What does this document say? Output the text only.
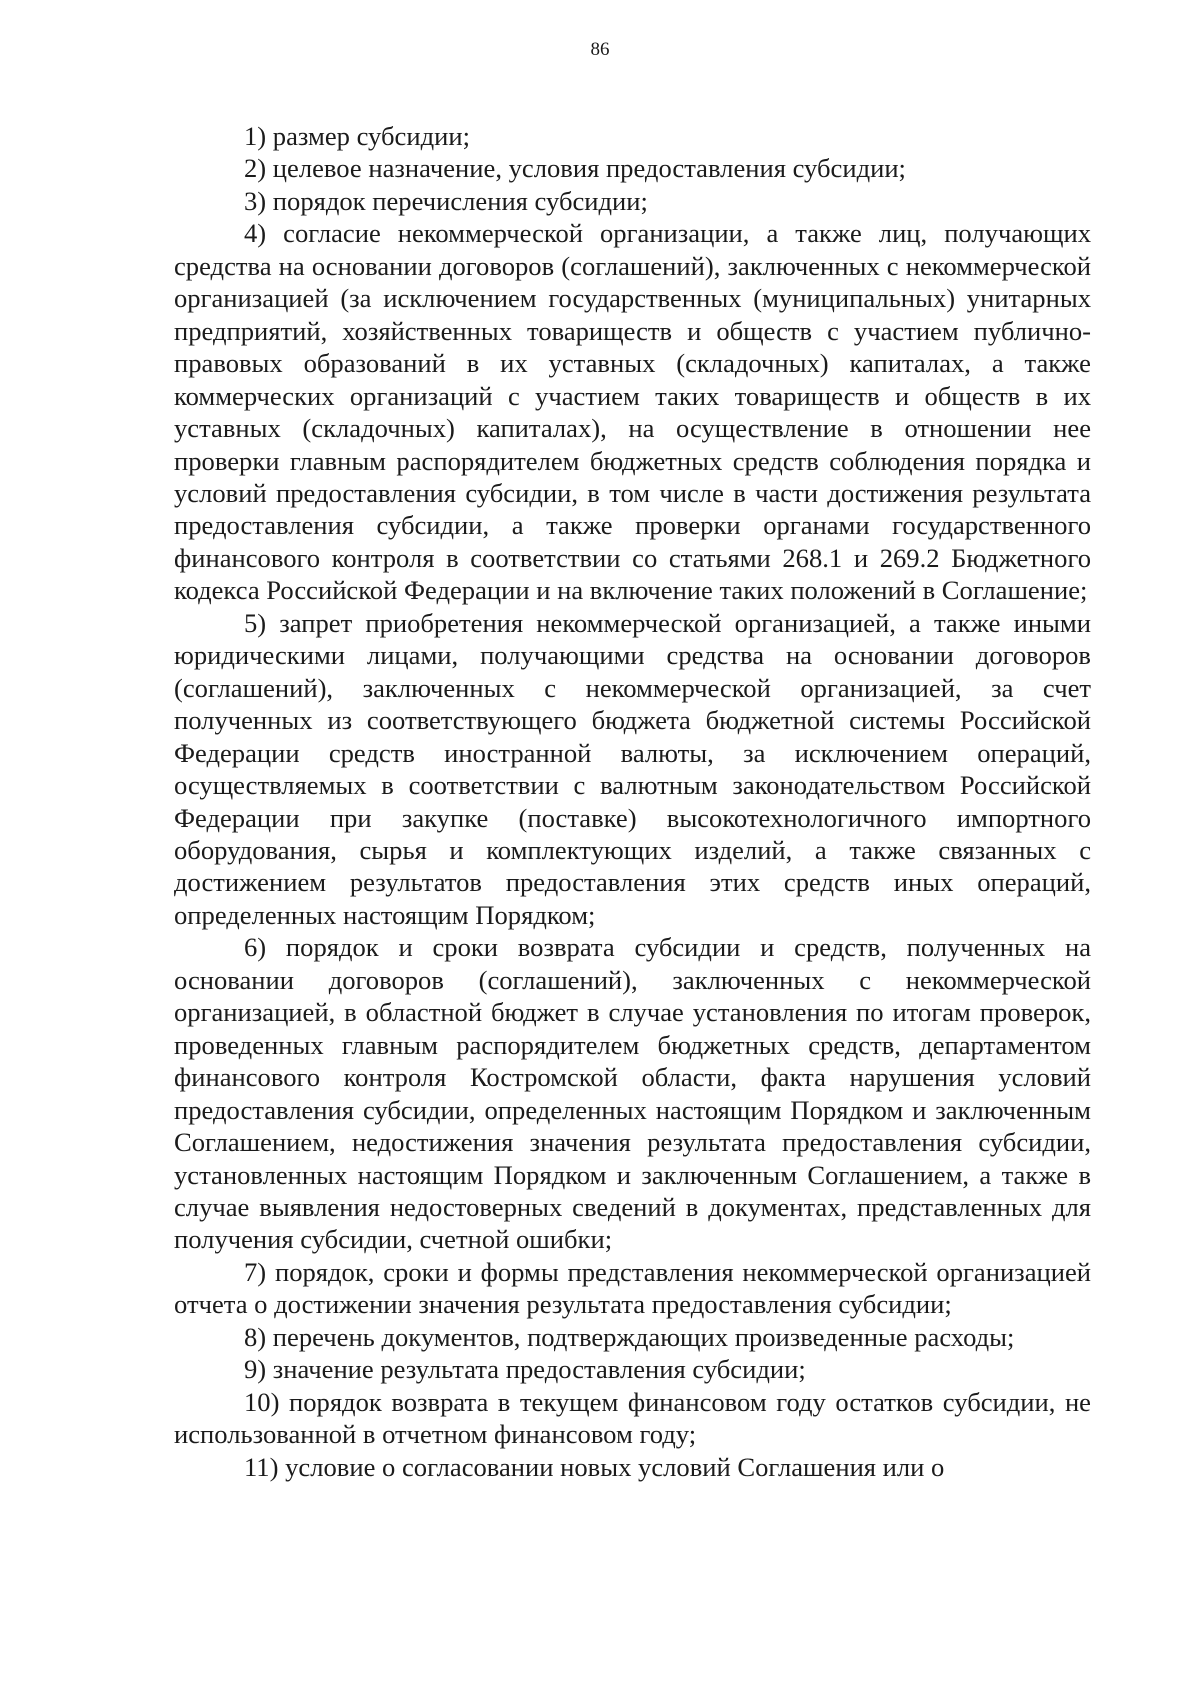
86

1) размер субсидии;

2) целевое назначение, условия предоставления субсидии;

3) порядок перечисления субсидии;

4) согласие некоммерческой организации, а также лиц, получающих средства на основании договоров (соглашений), заключенных с некоммерческой организацией (за исключением государственных (муниципальных) унитарных предприятий, хозяйственных товариществ и обществ с участием публично-правовых образований в их уставных (складочных) капиталах, а также коммерческих организаций с участием таких товариществ и обществ в их уставных (складочных) капиталах), на осуществление в отношении нее проверки главным распорядителем бюджетных средств соблюдения порядка и условий предоставления субсидии, в том числе в части достижения результата предоставления субсидии, а также проверки органами государственного финансового контроля в соответствии со статьями 268.1 и 269.2 Бюджетного кодекса Российской Федерации и на включение таких положений в Соглашение;

5) запрет приобретения некоммерческой организацией, а также иными юридическими лицами, получающими средства на основании договоров (соглашений), заключенных с некоммерческой организацией, за счет полученных из соответствующего бюджета бюджетной системы Российской Федерации средств иностранной валюты, за исключением операций, осуществляемых в соответствии с валютным законодательством Российской Федерации при закупке (поставке) высокотехнологичного импортного оборудования, сырья и комплектующих изделий, а также связанных с достижением результатов предоставления этих средств иных операций, определенных настоящим Порядком;

6) порядок и сроки возврата субсидии и средств, полученных на основании договоров (соглашений), заключенных с некоммерческой организацией, в областной бюджет в случае установления по итогам проверок, проведенных главным распорядителем бюджетных средств, департаментом финансового контроля Костромской области, факта нарушения условий предоставления субсидии, определенных настоящим Порядком и заключенным Соглашением, недостижения значения результата предоставления субсидии, установленных настоящим Порядком и заключенным Соглашением, а также в случае выявления недостоверных сведений в документах, представленных для получения субсидии, счетной ошибки;

7) порядок, сроки и формы представления некоммерческой организацией отчета о достижении значения результата предоставления субсидии;

8) перечень документов, подтверждающих произведенные расходы;

9) значение результата предоставления субсидии;

10) порядок возврата в текущем финансовом году остатков субсидии, не использованной в отчетном финансовом году;

11) условие о согласовании новых условий Соглашения или о
